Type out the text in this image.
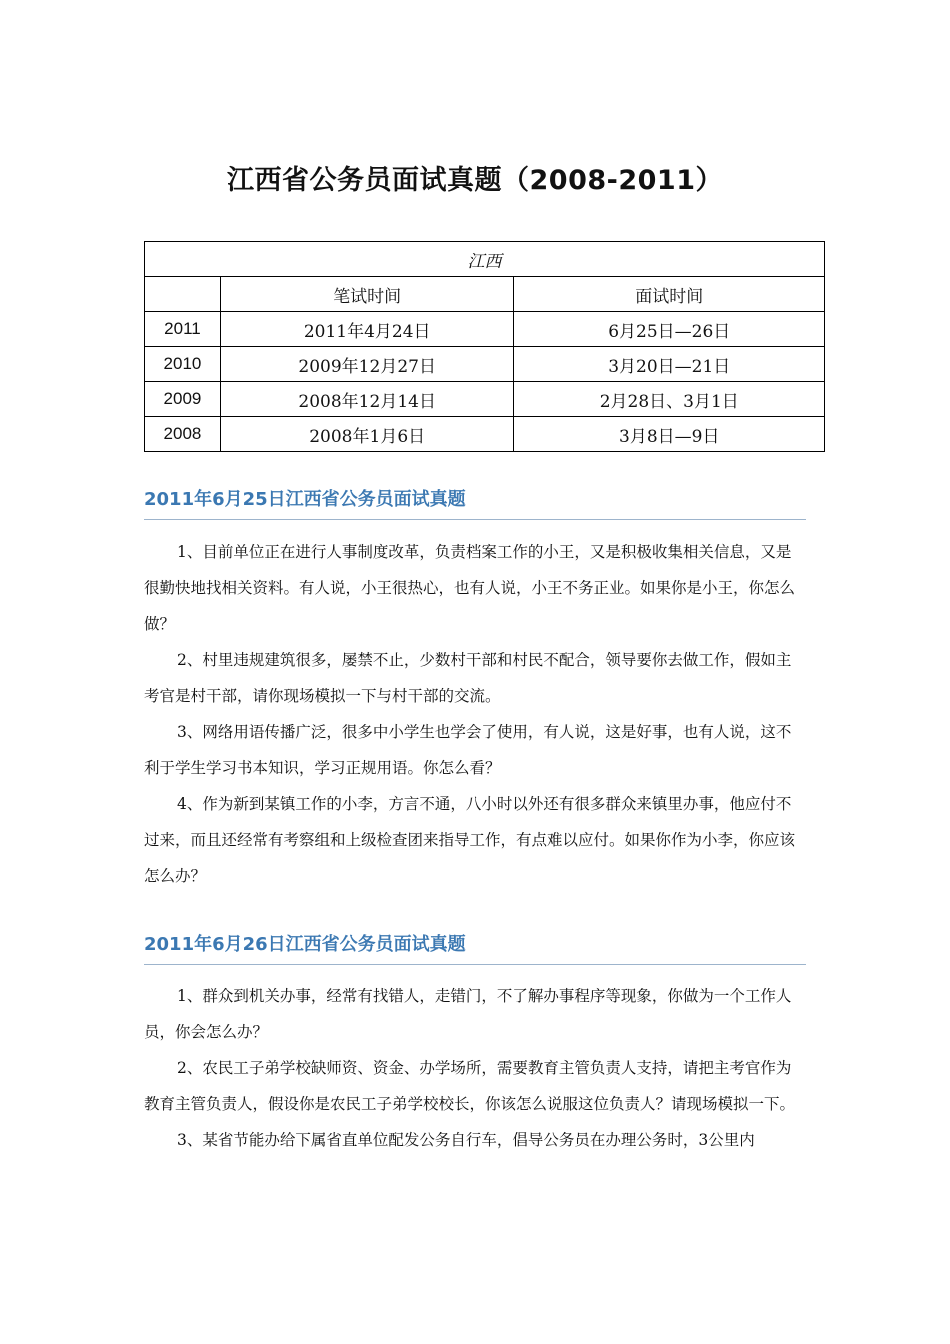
江西省公务员面试真题（2008-2011）
江西		
	笔试时间	面试时间
2011	2011年4月24日	6月25日—26日
2010	2009年12月27日	3月20日—21日
2009	2008年12月14日	2月28日、3月1日
2008	2008年1月6日	3月8日—9日
2011年6月25日江西省公务员面试真题

1、目前单位正在进行人事制度改革，负责档案工作的小王，又是积极收集相关信息，又是很勤快地找相关资料。有人说，小王很热心，也有人说，小王不务正业。如果你是小王，你怎么做？

2、村里违规建筑很多，屡禁不止，少数村干部和村民不配合，领导要你去做工作，假如主考官是村干部，请你现场模拟一下与村干部的交流。

3、网络用语传播广泛，很多中小学生也学会了使用，有人说，这是好事，也有人说，这不利于学生学习书本知识，学习正规用语。你怎么看？

4、作为新到某镇工作的小李，方言不通，八小时以外还有很多群众来镇里办事，他应付不过来，而且还经常有考察组和上级检查团来指导工作，有点难以应付。如果你作为小李，你应该怎么办？

2011年6月26日江西省公务员面试真题

1、群众到机关办事，经常有找错人，走错门，不了解办事程序等现象，你做为一个工作人员，你会怎么办？

2、农民工子弟学校缺师资、资金、办学场所，需要教育主管负责人支持，请把主考官作为教育主管负责人，假设你是农民工子弟学校校长，你该怎么说服这位负责人？请现场模拟一下。

3、某省节能办给下属省直单位配发公务自行车，倡导公务员在办理公务时，3公里内
